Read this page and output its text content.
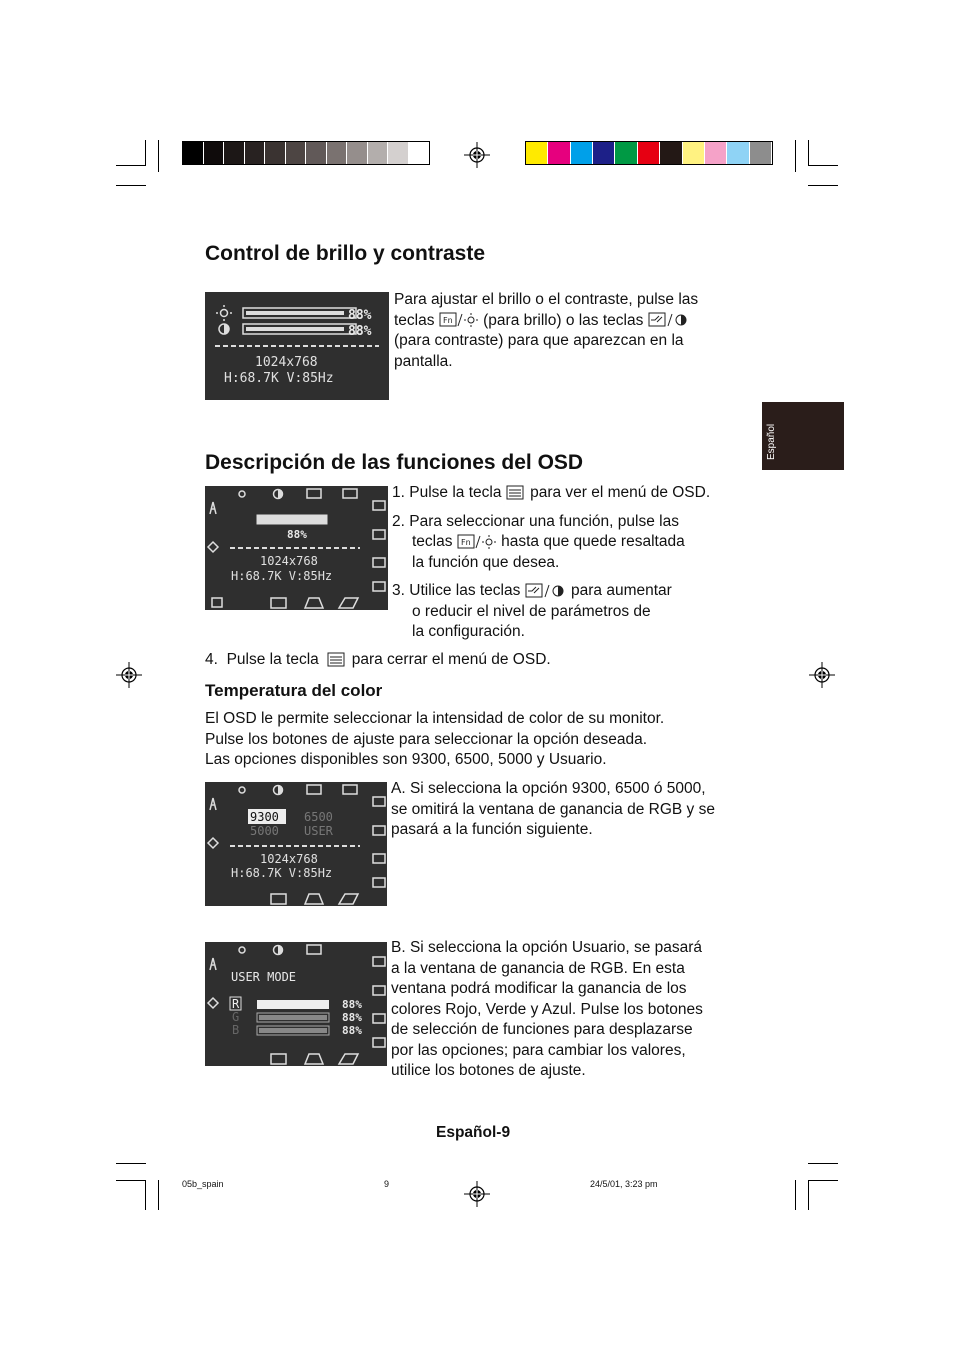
Español
Control de brillo y contraste
88%
88%
1024x768
H:68.7K V:85Hz
Para ajustar el brillo o el contraste, pulse las
teclas Fn (para brillo) o las teclas
(para contraste) para que aparezcan en la
pantalla.
Descripción de las funciones del OSD
88%
1024x768
H:68.7K V:85Hz
1. Pulse la tecla para ver el menú de OSD.
2. Para seleccionar una función, pulse las
teclas Fn hasta que quede resaltada
la función que desea.
3. Utilice las teclas	para aumentar
o reducir el nivel de parámetros de
la configuración.
4. Pulse la tecla para cerrar el menú de OSD.
Temperatura del color
El OSD le permite seleccionar la intensidad de color de su monitor.
Pulse los botones de ajuste para seleccionar la opción deseada.
Las opciones disponibles son 9300, 6500, 5000 y Usuario.
9300 6500
5000 USER
1024x768
H:68.7K V:85Hz
A. Si selecciona la opción 9300, 6500 ó 5000,
se omitirá la ventana de ganancia de RGB y se
pasará a la función siguiente.
USER MODE
R
G
B
88%
88%
88%
B. Si selecciona la opción Usuario, se pasará
a la ventana de ganancia de RGB. En esta
ventana podrá modificar la ganancia de los
colores Rojo, Verde y Azul. Pulse los botones
de selección de funciones para desplazarse
por las opciones; para cambiar los valores,
utilice los botones de ajuste.
Español-9
05b_spain	9	24/5/01, 3:23 pm
